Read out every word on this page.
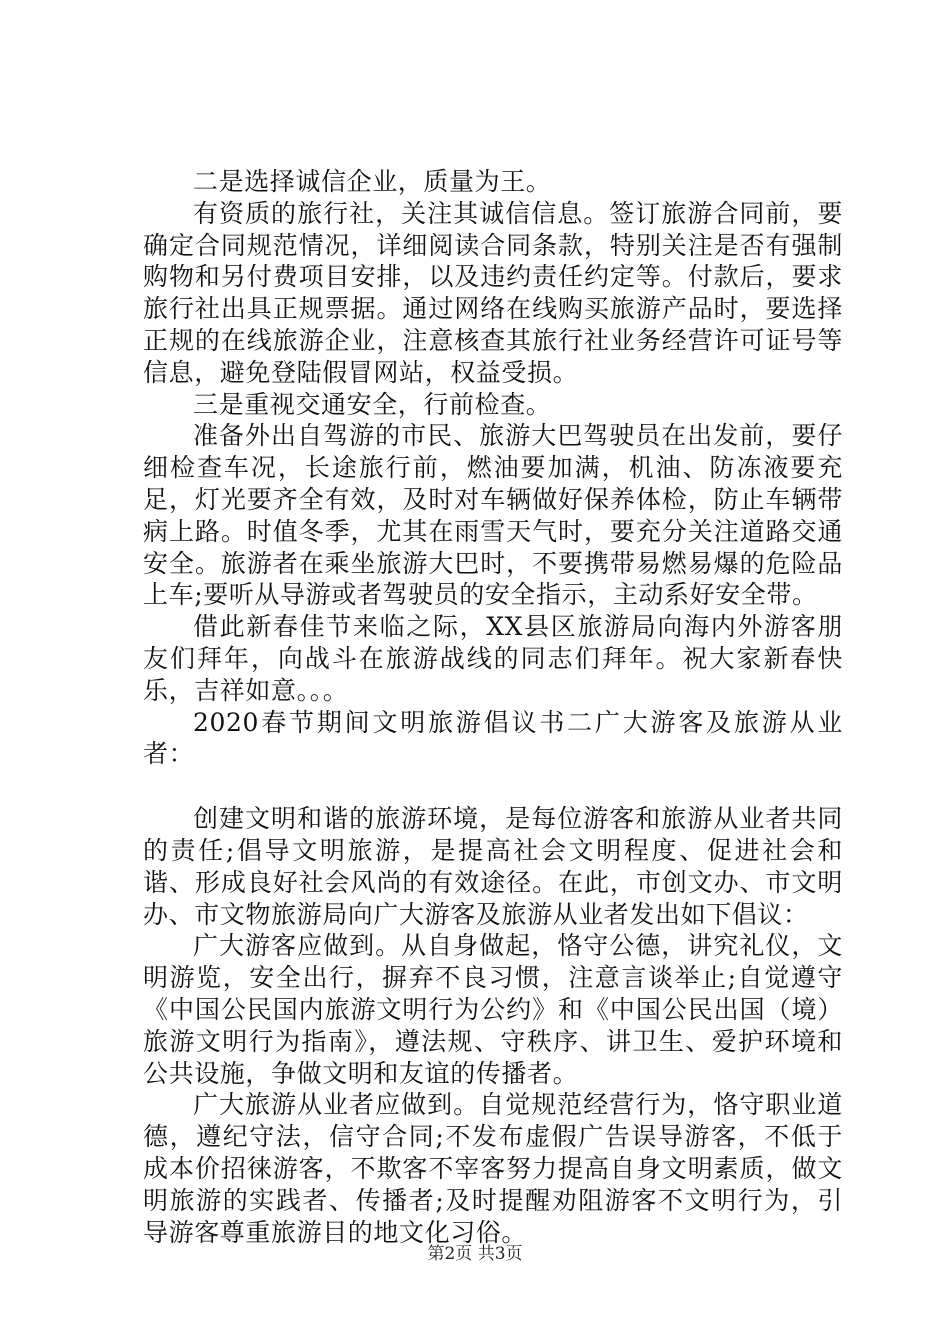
二是选择诚信企业，质量为王。

有资质的旅行社，关注其诚信信息。签订旅游合同前，要确定合同规范情况，详细阅读合同条款，特别关注是否有强制购物和另付费项目安排，以及违约责任约定等。付款后，要求旅行社出具正规票据。通过网络在线购买旅游产品时，要选择正规的在线旅游企业，注意核查其旅行社业务经营许可证号等信息，避免登陆假冒网站，权益受损。

三是重视交通安全，行前检查。

准备外出自驾游的市民、旅游大巴驾驶员在出发前，要仔细检查车况，长途旅行前，燃油要加满，机油、防冻液要充足，灯光要齐全有效，及时对车辆做好保养体检，防止车辆带病上路。时值冬季，尤其在雨雪天气时，要充分关注道路交通安全。旅游者在乘坐旅游大巴时，不要携带易燃易爆的危险品上车;要听从导游或者驾驶员的安全指示，主动系好安全带。

借此新春佳节来临之际，XX县区旅游局向海内外游客朋友们拜年，向战斗在旅游战线的同志们拜年。祝大家新春快乐，吉祥如意。。。

2020春节期间文明旅游倡议书二广大游客及旅游从业者：

创建文明和谐的旅游环境，是每位游客和旅游从业者共同的责任;倡导文明旅游，是提高社会文明程度、促进社会和谐、形成良好社会风尚的有效途径。在此，市创文办、市文明办、市文物旅游局向广大游客及旅游从业者发出如下倡议：

广大游客应做到。从自身做起，恪守公德，讲究礼仪，文明游览，安全出行，摒弃不良习惯，注意言谈举止;自觉遵守《中国公民国内旅游文明行为公约》和《中国公民出国（境）旅游文明行为指南》，遵法规、守秩序、讲卫生、爱护环境和公共设施，争做文明和友谊的传播者。

广大旅游从业者应做到。自觉规范经营行为，恪守职业道德，遵纪守法，信守合同;不发布虚假广告误导游客，不低于成本价招徕游客，不欺客不宰客努力提高自身文明素质，做文明旅游的实践者、传播者;及时提醒劝阻游客不文明行为，引导游客尊重旅游目的地文化习俗。

第2页 共3页
